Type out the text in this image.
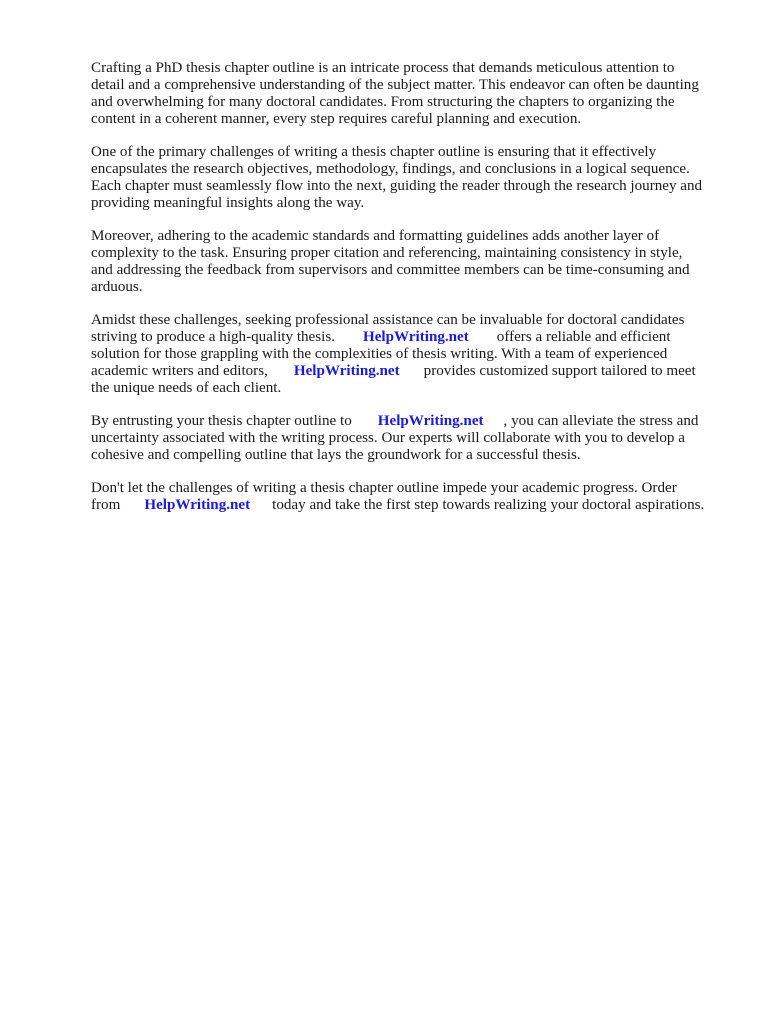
Crafting a PhD thesis chapter outline is an intricate process that demands meticulous attention to
detail and a comprehensive understanding of the subject matter. This endeavor can often be daunting
and overwhelming for many doctoral candidates. From structuring the chapters to organizing the
content in a coherent manner, every step requires careful planning and execution.

One of the primary challenges of writing a thesis chapter outline is ensuring that it effectively
encapsulates the research objectives, methodology, findings, and conclusions in a logical sequence.
Each chapter must seamlessly flow into the next, guiding the reader through the research journey and
providing meaningful insights along the way.

Moreover, adhering to the academic standards and formatting guidelines adds another layer of
complexity to the task. Ensuring proper citation and referencing, maintaining consistency in style,
and addressing the feedback from supervisors and committee members can be time-consuming and
arduous.

Amidst these challenges, seeking professional assistance can be invaluable for doctoral candidates
striving to produce a high-quality thesis. HelpWriting.net offers a reliable and efficient
solution for those grappling with the complexities of thesis writing. With a team of experienced
academic writers and editors, HelpWriting.net provides customized support tailored to meet
the unique needs of each client.

By entrusting your thesis chapter outline to HelpWriting.net , you can alleviate the stress and
uncertainty associated with the writing process. Our experts will collaborate with you to develop a
cohesive and compelling outline that lays the groundwork for a successful thesis.

Don't let the challenges of writing a thesis chapter outline impede your academic progress. Order
from HelpWriting.net today and take the first step towards realizing your doctoral aspirations.
